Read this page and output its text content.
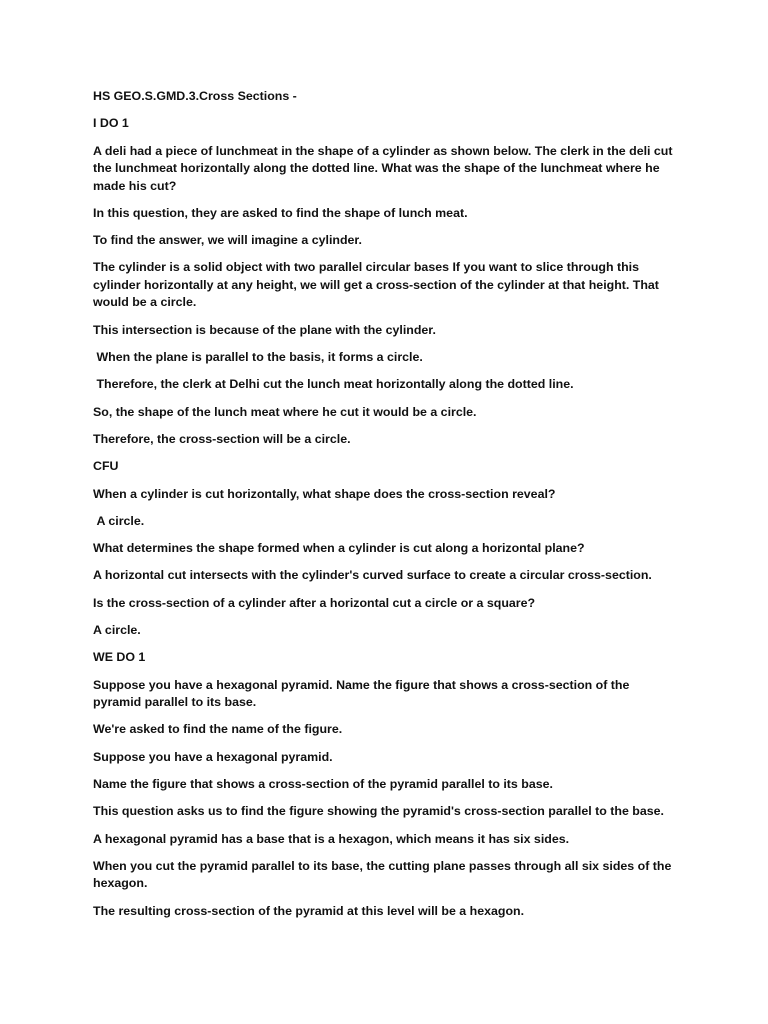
HS GEO.S.GMD.3.Cross Sections -

I DO 1

A deli had a piece of lunchmeat in the shape of a cylinder as shown below. The clerk in the deli cut the lunchmeat horizontally along the dotted line. What was the shape of the lunchmeat where he made his cut?

In this question, they are asked to find the shape of lunch meat.

To find the answer, we will imagine a cylinder.

The cylinder is a solid object with two parallel circular bases If you want to slice through this cylinder horizontally at any height, we will get a cross-section of the cylinder at that height. That would be a circle.

This intersection is because of the plane with the cylinder.

When the plane is parallel to the basis, it forms a circle.

Therefore, the clerk at Delhi cut the lunch meat horizontally along the dotted line.

So, the shape of the lunch meat where he cut it would be a circle.

Therefore, the cross-section will be a circle.

CFU

When a cylinder is cut horizontally, what shape does the cross-section reveal?

A circle.

What determines the shape formed when a cylinder is cut along a horizontal plane?

A horizontal cut intersects with the cylinder's curved surface to create a circular cross-section.

Is the cross-section of a cylinder after a horizontal cut a circle or a square?

A circle.

WE DO 1

Suppose you have a hexagonal pyramid. Name the figure that shows a cross-section of the pyramid parallel to its base.

We're asked to find the name of the figure.

Suppose you have a hexagonal pyramid.

Name the figure that shows a cross-section of the pyramid parallel to its base.

This question asks us to find the figure showing the pyramid's cross-section parallel to the base.

A hexagonal pyramid has a base that is a hexagon, which means it has six sides.

When you cut the pyramid parallel to its base, the cutting plane passes through all six sides of the hexagon.

The resulting cross-section of the pyramid at this level will be a hexagon.
